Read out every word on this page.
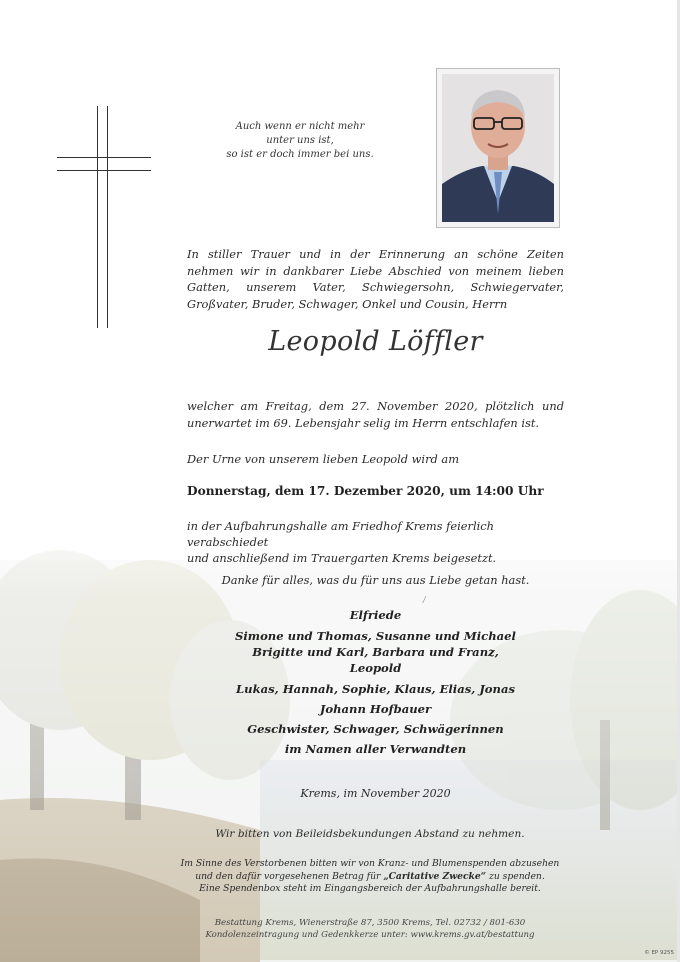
Auch wenn er nicht mehr
unter uns ist,
so ist er doch immer bei uns.
In stiller Trauer und in der Erinnerung an schöne Zeiten nehmen wir in dankbarer Liebe Abschied von meinem lieben Gatten, unserem Vater, Schwiegersohn, Schwiegervater, Großvater, Bruder, Schwager, Onkel und Cousin, Herrn
Leopold Löffler
welcher am Freitag, dem 27. November 2020, plötzlich und unerwartet im 69. Lebensjahr selig im Herrn entschlafen ist.
Der Urne von unserem lieben Leopold wird am
Donnerstag, dem 17. Dezember 2020, um 14:00 Uhr
in der Aufbahrungshalle am Friedhof Krems feierlich verabschiedet
und anschließend im Trauergarten Krems beigesetzt.
Danke für alles, was du für uns aus Liebe getan hast.
/
Elfriede
Simone und Thomas, Susanne und Michael
Brigitte und Karl, Barbara und Franz,
Leopold
Lukas, Hannah, Sophie, Klaus, Elias, Jonas
Johann Hofbauer
Geschwister, Schwager, Schwägerinnen
im Namen aller Verwandten
Krems, im November 2020
Wir bitten von Beileidsbekundungen Abstand zu nehmen.
Im Sinne des Verstorbenen bitten wir von Kranz- und Blumenspenden abzusehen
und den dafür vorgesehenen Betrag für „Caritative Zwecke“ zu spenden.
Eine Spendenbox steht im Eingangsbereich der Aufbahrungshalle bereit.
Bestattung Krems, Wienerstraße 87, 3500 Krems, Tel. 02732 / 801-630
Kondolenzeintragung und Gedenkkerze unter: www.krems.gv.at/bestattung
© EP 9255
